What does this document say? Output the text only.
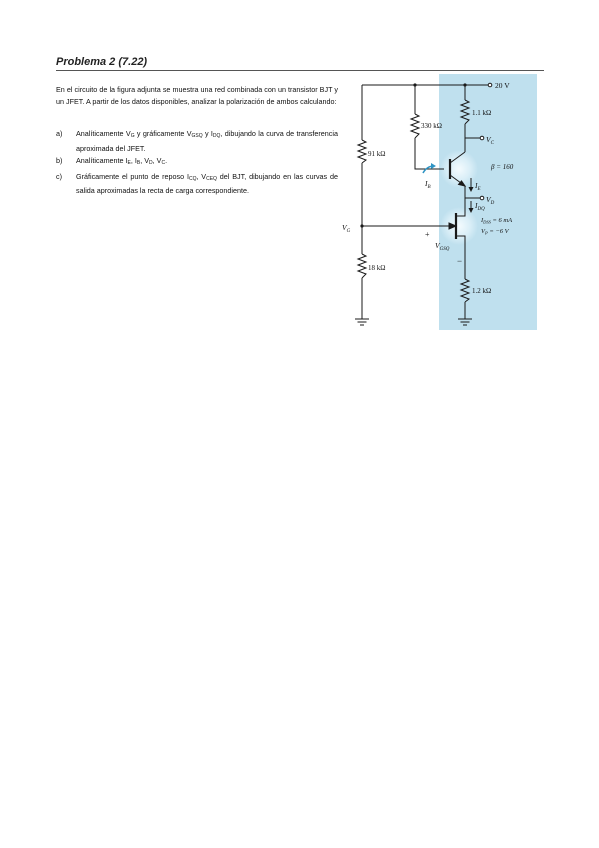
Problema 2 (7.22)
En el circuito de la figura adjunta se muestra una red combinada con un transistor BJT y un JFET. A partir de los datos disponibles, analizar la polarización de ambos calculando:
a) Analíticamente $V_G$ y gráficamente $V_{GSQ}$ y $I_{DQ}$, dibujando la curva de transferencia aproximada del JFET.
b) Analíticamente $I_E$, $I_B$, $V_D$, $V_C$.
c) Gráficamente el punto de reposo $I_{CQ}$, $V_{CEQ}$ del BJT, dibujando en las curvas de salida aproximadas la recta de carga correspondiente.
20 V
1.1 kΩ
330 kΩ
91 kΩ
18 kΩ
1.2 kΩ
$V_C$
β = 160
$I_B$	$I_E$
$V_D$
$I_{DQ}$
$I_{DSS} = 6$ mA
$V_P = -6$ V
$V_G$
$V_{GSQ}$
+
−
